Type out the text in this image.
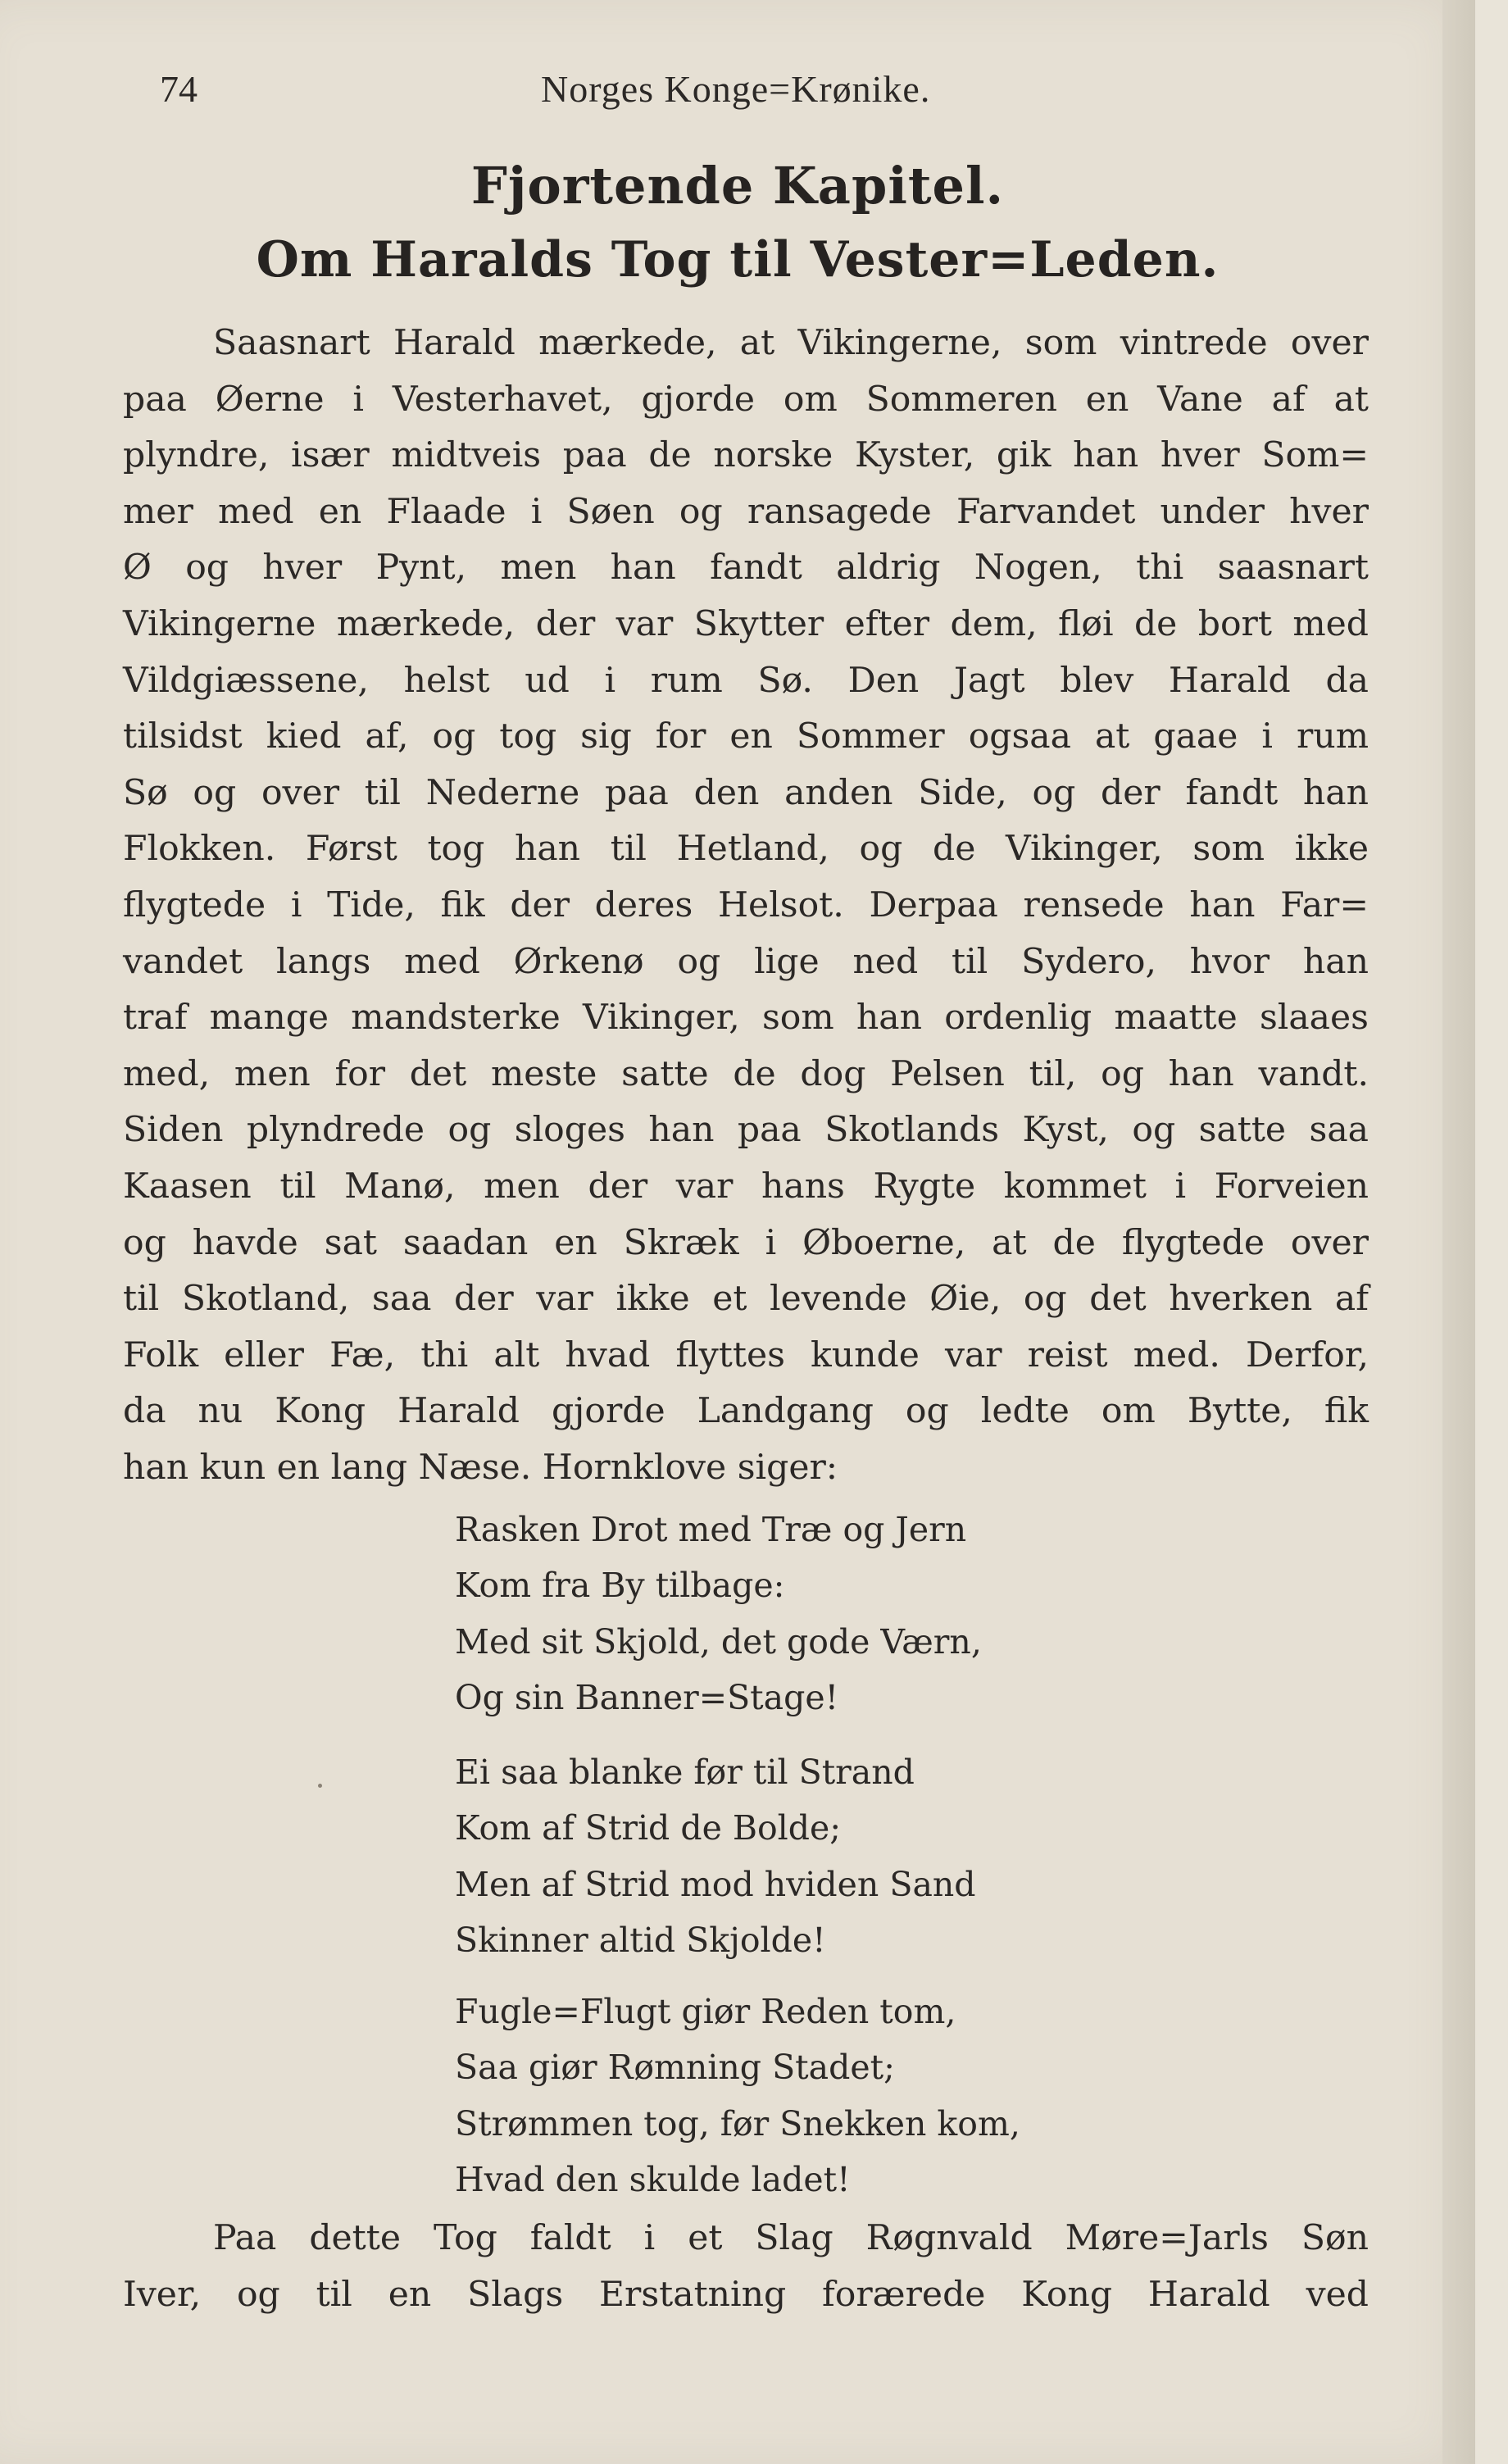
74	Norges Konge=Krønike.
Fjortende Kapitel.
Om Haralds Tog til Vester=Leden.
Saasnart Harald mærkede, at Vikingerne, som vintrede over
paa Øerne i Vesterhavet, gjorde om Sommeren en Vane af at
plyndre, især midtveis paa de norske Kyster, gik han hver Som=
mer med en Flaade i Søen og ransagede Farvandet under hver
Ø og hver Pynt, men han fandt aldrig Nogen, thi saasnart
Vikingerne mærkede, der var Skytter efter dem, fløi de bort med
Vildgiæssene, helst ud i rum Sø. Den Jagt blev Harald da
tilsidst kied af, og tog sig for en Sommer ogsaa at gaae i rum
Sø og over til Nederne paa den anden Side, og der fandt han
Flokken. Først tog han til Hetland, og de Vikinger, som ikke
flygtede i Tide, fik der deres Helsot. Derpaa rensede han Far=
vandet langs med Ørkenø og lige ned til Sydero, hvor han
traf mange mandsterke Vikinger, som han ordenlig maatte slaaes
med, men for det meste satte de dog Pelsen til, og han vandt.
Siden plyndrede og sloges han paa Skotlands Kyst, og satte saa
Kaasen til Manø, men der var hans Rygte kommet i Forveien
og havde sat saadan en Skræk i Øboerne, at de flygtede over
til Skotland, saa der var ikke et levende Øie, og det hverken af
Folk eller Fæ, thi alt hvad flyttes kunde var reist med. Derfor,
da nu Kong Harald gjorde Landgang og ledte om Bytte, fik
han kun en lang Næse. Hornklove siger:
Rasken Drot med Træ og Jern
Kom fra By tilbage:
Med sit Skjold, det gode Værn,
Og sin Banner=Stage!
Ei saa blanke før til Strand
Kom af Strid de Bolde;
Men af Strid mod hviden Sand
Skinner altid Skjolde!
Fugle=Flugt giør Reden tom,
Saa giør Rømning Stadet;
Strømmen tog, før Snekken kom,
Hvad den skulde ladet!
Paa dette Tog faldt i et Slag Røgnvald Møre=Jarls Søn
Iver, og til en Slags Erstatning forærede Kong Harald ved
